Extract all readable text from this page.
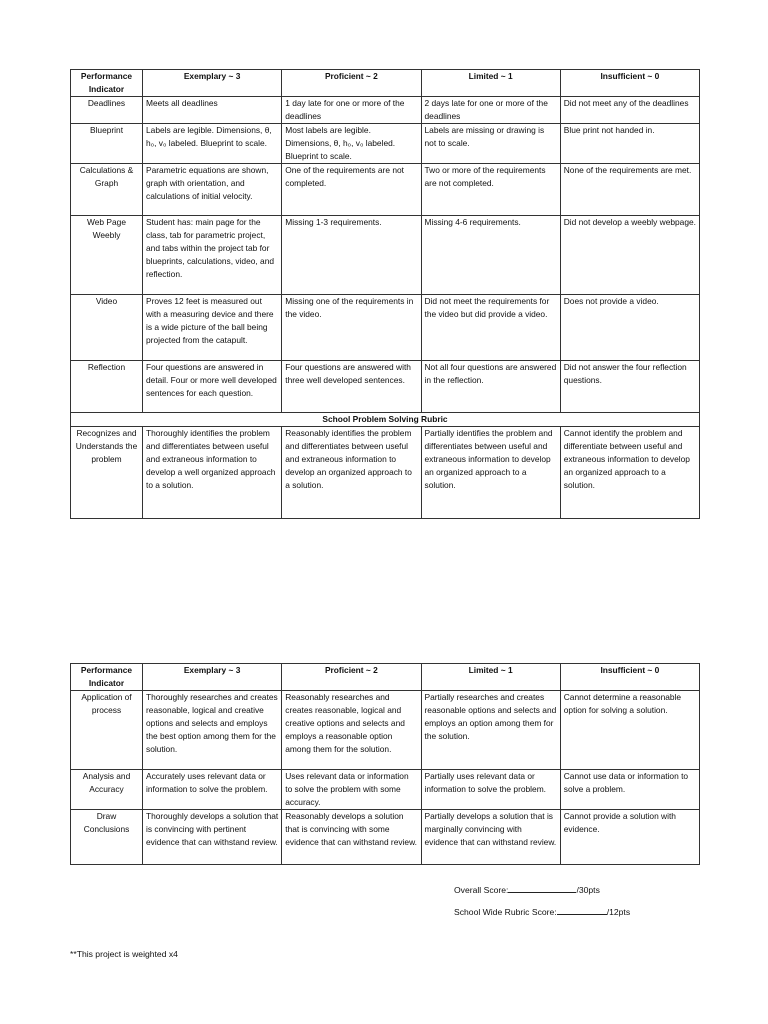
Performance Indicator	Exemplary ~ 3	Proficient ~ 2	Limited ~ 1	Insufficient ~ 0
Deadlines	Meets all deadlines	1 day late for one or more of the deadlines	2 days late for one or more of the deadlines	Did not meet any of the deadlines
Blueprint	Labels are legible. Dimensions, θ, h₀, v₀ labeled. Blueprint to scale.	Most labels are legible. Dimensions, θ, h₀, v₀ labeled. Blueprint to scale.	Labels are missing or drawing is not to scale.	Blue print not handed in.
Calculations & Graph	Parametric equations are shown, graph with orientation, and calculations of initial velocity.	One of the requirements are not completed.	Two or more of the requirements are not completed.	None of the requirements are met.
Web Page Weebly	Student has: main page for the class, tab for parametric project, and tabs within the project tab for blueprints, calculations, video, and reflection.	Missing 1-3 requirements.	Missing 4-6 requirements.	Did not develop a weebly webpage.
Video	Proves 12 feet is measured out with a measuring device and there is a wide picture of the ball being projected from the catapult.	Missing one of the requirements in the video.	Did not meet the requirements for the video but did provide a video.	Does not provide a video.
Reflection	Four questions are answered in detail. Four or more well developed sentences for each question.	Four questions are answered with three well developed sentences.	Not all four questions are answered in the reflection.	Did not answer the four reflection questions.
School Problem Solving Rubric				
Recognizes and Understands the problem	Thoroughly identifies the problem and differentiates between useful and extraneous information to develop a well organized approach to a solution.	Reasonably identifies the problem and differentiates between useful and extraneous information to develop an organized approach to a solution.	Partially identifies the problem and differentiates between useful and extraneous information to develop an organized approach to a solution.	Cannot identify the problem and differentiate between useful and extraneous information to develop an organized approach to a solution.
Performance Indicator	Exemplary ~ 3	Proficient ~ 2	Limited ~ 1	Insufficient ~ 0
Application of process	Thoroughly researches and creates reasonable, logical and creative options and selects and employs the best option among them for the solution.	Reasonably researches and creates reasonable, logical and creative options and selects and employs a reasonable option among them for the solution.	Partially researches and creates reasonable options and selects and employs an option among them for the solution.	Cannot determine a reasonable option for solving a solution.
Analysis and Accuracy	Accurately uses relevant data or information to solve the problem.	Uses relevant data or information to solve the problem with some accuracy.	Partially uses relevant data or information to solve the problem.	Cannot use data or information to solve a problem.
Draw Conclusions	Thoroughly develops a solution that is convincing with pertinent evidence that can withstand review.	Reasonably develops a solution that is convincing with some evidence that can withstand review.	Partially develops a solution that is marginally convincing with evidence that can withstand review.	Cannot provide a solution with evidence.
Overall Score:	/30pts
School Wide Rubric Score:	/12pts
**This project is weighted x4
